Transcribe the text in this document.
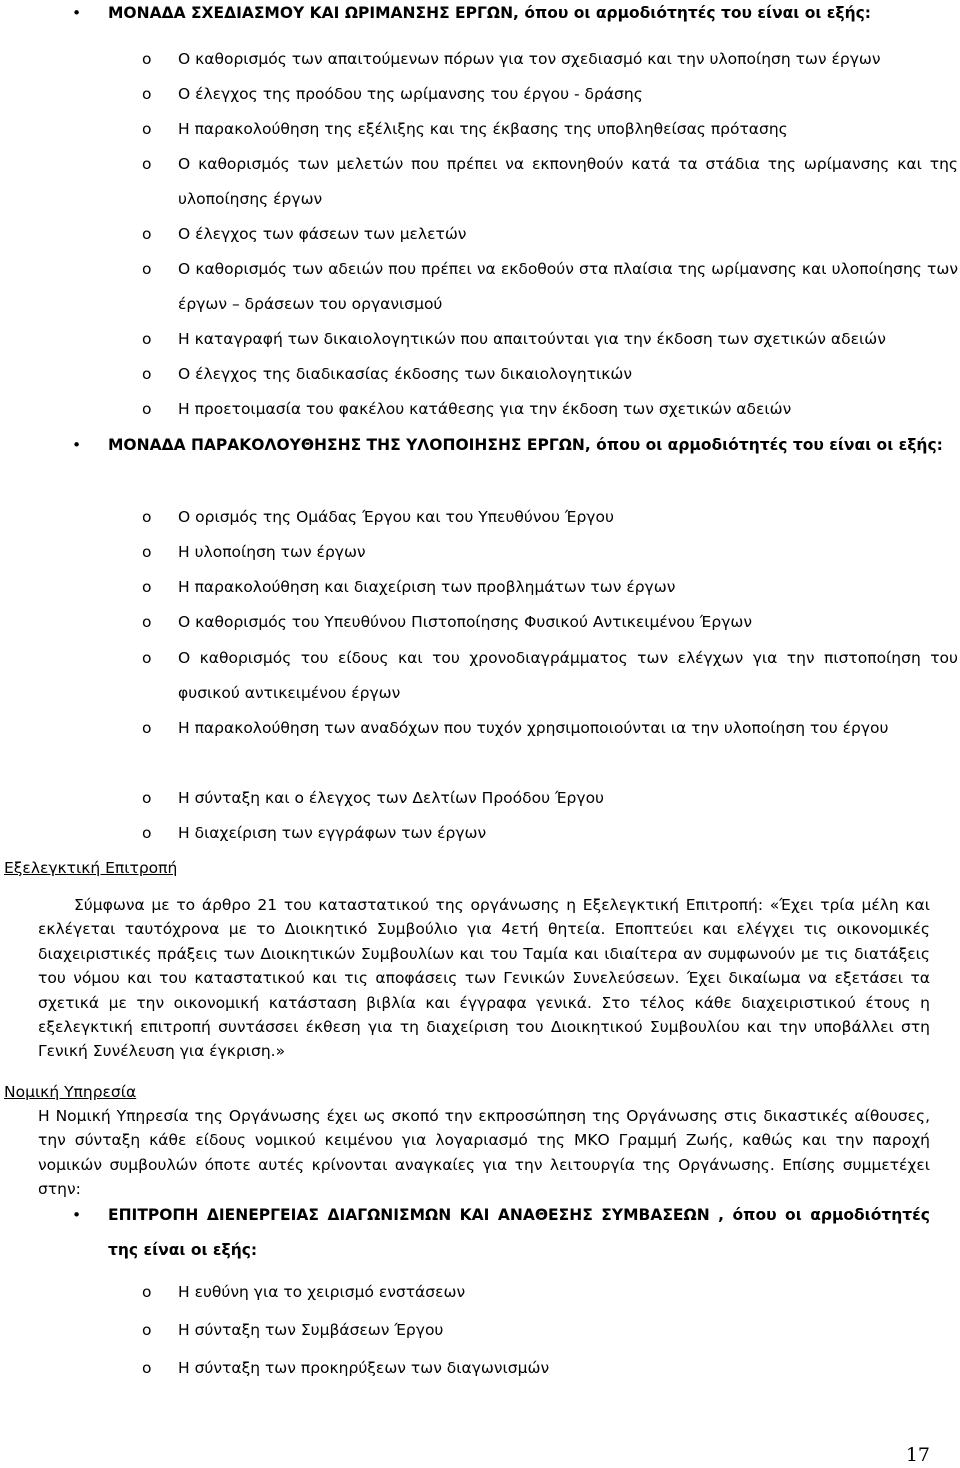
• ΜΟΝΑΔΑ ΣΧΕΔΙΑΣΜΟΥ ΚΑΙ ΩΡΙΜΑΝΣΗΣ ΕΡΓΩΝ, όπου οι αρμοδιότητές του είναι οι εξής:
o Ο καθορισμός των απαιτούμενων πόρων για τον σχεδιασμό και την υλοποίηση των έργων
o Ο έλεγχος της προόδου της ωρίμανσης του έργου - δράσης
o Η παρακολούθηση της εξέλιξης και της έκβασης της υποβληθείσας πρότασης
o Ο καθορισμός των μελετών που πρέπει να εκπονηθούν κατά τα στάδια της ωρίμανσης και της υλοποίησης έργων
o Ο έλεγχος των φάσεων των μελετών
o Ο καθορισμός των αδειών που πρέπει να εκδοθούν στα πλαίσια της ωρίμανσης και υλοποίησης των έργων – δράσεων του οργανισμού
o Η καταγραφή των δικαιολογητικών που απαιτούνται για την έκδοση των σχετικών αδειών
o Ο έλεγχος της διαδικασίας έκδοσης των δικαιολογητικών
o Η προετοιμασία του φακέλου κατάθεσης για την έκδοση των σχετικών αδειών
• ΜΟΝΑΔΑ ΠΑΡΑΚΟΛΟΥΘΗΣΗΣ ΤΗΣ ΥΛΟΠΟΙΗΣΗΣ ΕΡΓΩΝ, όπου οι αρμοδιότητές του είναι οι εξής:
o Ο ορισμός της Ομάδας Έργου και του Υπευθύνου Έργου
o Η υλοποίηση των έργων
o Η παρακολούθηση και διαχείριση των προβλημάτων των έργων
o Ο καθορισμός του Υπευθύνου Πιστοποίησης Φυσικού Αντικειμένου Έργων
o Ο καθορισμός του είδους και του χρονοδιαγράμματος των ελέγχων για την πιστοποίηση του φυσικού αντικειμένου έργων
o Η παρακολούθηση των αναδόχων που τυχόν χρησιμοποιούνται ια την υλοποίηση του έργου
o Η σύνταξη και ο έλεγχος των Δελτίων Προόδου Έργου
o Η διαχείριση των εγγράφων των έργων
Εξελεγκτική Επιτροπή
Σύμφωνα με το άρθρο 21 του καταστατικού της οργάνωσης η Εξελεγκτική Επιτροπή: «Έχει τρία μέλη και εκλέγεται ταυτόχρονα με το Διοικητικό Συμβούλιο για 4ετή θητεία. Εποπτεύει και ελέγχει τις οικονομικές διαχειριστικές πράξεις των Διοικητικών Συμβουλίων και του Ταμία και ιδιαίτερα αν συμφωνούν με τις διατάξεις του νόμου και του καταστατικού και τις αποφάσεις των Γενικών Συνελεύσεων. Έχει δικαίωμα να εξετάσει τα σχετικά με την οικονομική κατάσταση βιβλία και έγγραφα γενικά. Στο τέλος κάθε διαχειριστικού έτους η εξελεγκτική επιτροπή συντάσσει έκθεση για τη διαχείριση του Διοικητικού Συμβουλίου και την υποβάλλει στη Γενική Συνέλευση για έγκριση.»
Νομική Υπηρεσία
Η Νομική Υπηρεσία της Οργάνωσης έχει ως σκοπό την εκπροσώπηση της Οργάνωσης στις δικαστικές αίθουσες, την σύνταξη κάθε είδους νομικού κειμένου για λογαριασμό της ΜΚΟ Γραμμή Ζωής, καθώς και την παροχή νομικών συμβουλών όποτε αυτές κρίνονται αναγκαίες για την λειτουργία της Οργάνωσης. Επίσης συμμετέχει στην:
• ΕΠΙΤΡΟΠΗ ΔΙΕΝΕΡΓΕΙΑΣ ΔΙΑΓΩΝΙΣΜΩΝ ΚΑΙ ΑΝΑΘΕΣΗΣ ΣΥΜΒΑΣΕΩΝ , όπου οι αρμοδιότητές της είναι οι εξής:
o Η ευθύνη για το χειρισμό ενστάσεων
o Η σύνταξη των Συμβάσεων Έργου
o Η σύνταξη των προκηρύξεων των διαγωνισμών
17
